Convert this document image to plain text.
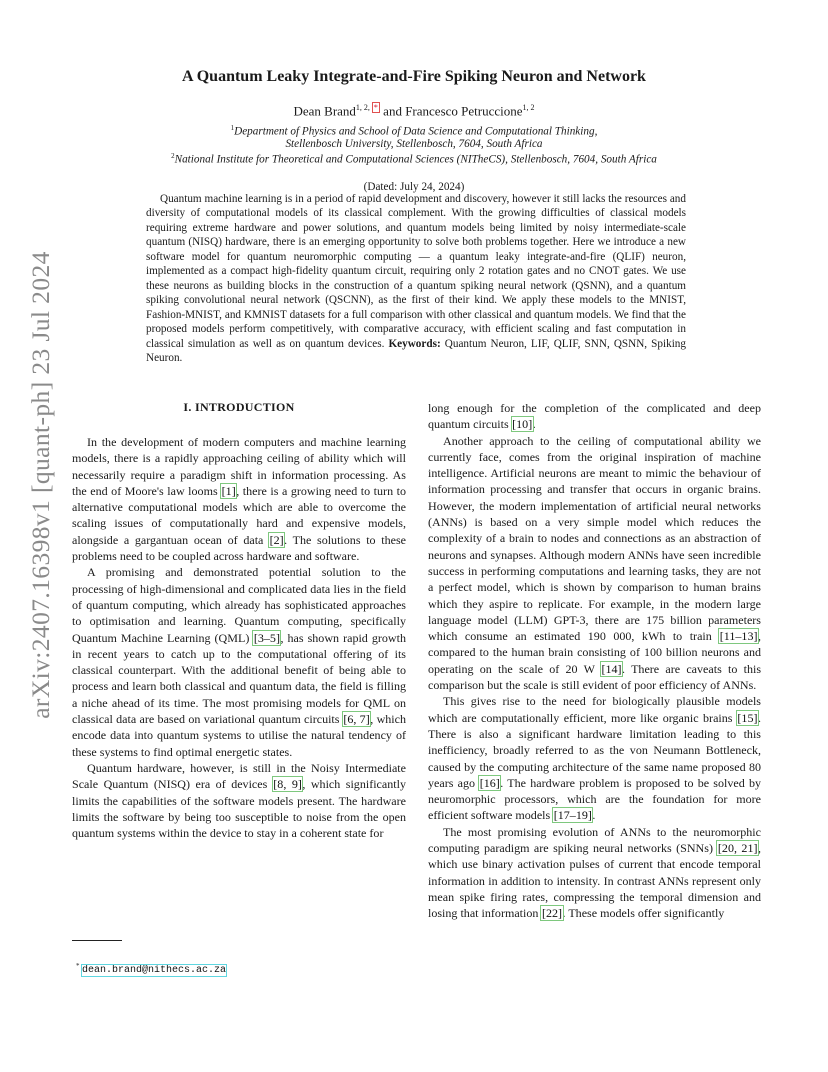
arXiv:2407.16398v1 [quant-ph] 23 Jul 2024
A Quantum Leaky Integrate-and-Fire Spiking Neuron and Network
Dean Brand$^{1, 2,}$ * and Francesco Petruccione$^{1, 2}$
$^1$Department of Physics and School of Data Science and Computational Thinking,
Stellenbosch University, Stellenbosch, 7604, South Africa
$^2$National Institute for Theoretical and Computational Sciences (NITheCS), Stellenbosch, 7604, South Africa
(Dated: July 24, 2024)
Quantum machine learning is in a period of rapid development and discovery, however it still lacks the resources and diversity of computational models of its classical complement. With the growing difficulties of classical models requiring extreme hardware and power solutions, and quantum models being limited by noisy intermediate-scale quantum (NISQ) hardware, there is an emerging opportunity to solve both problems together. Here we introduce a new software model for quantum neuromorphic computing — a quantum leaky integrate-and-fire (QLIF) neuron, implemented as a compact high-fidelity quantum circuit, requiring only 2 rotation gates and no CNOT gates. We use these neurons as building blocks in the construction of a quantum spiking neural network (QSNN), and a quantum spiking convolutional neural network (QSCNN), as the first of their kind. We apply these models to the MNIST, Fashion-MNIST, and KMNIST datasets for a full comparison with other classical and quantum models. We find that the proposed models perform competitively, with comparative accuracy, with efficient scaling and fast computation in classical simulation as well as on quantum devices. Keywords: Quantum Neuron, LIF, QLIF, SNN, QSNN, Spiking Neuron.
I. INTRODUCTION

In the development of modern computers and machine learning models, there is a rapidly approaching ceiling of ability which will necessarily require a paradigm shift in information processing. As the end of Moore's law looms [1], there is a growing need to turn to alternative computational models which are able to overcome the scaling issues of computationally hard and expensive models, alongside a gargantuan ocean of data [2]. The solutions to these problems need to be coupled across hardware and software.

A promising and demonstrated potential solution to the processing of high-dimensional and complicated data lies in the field of quantum computing, which already has sophisticated approaches to optimisation and learning. Quantum computing, specifically Quantum Machine Learning (QML) [3–5], has shown rapid growth in recent years to catch up to the computational offering of its classical counterpart. With the additional benefit of being able to process and learn both classical and quantum data, the field is filling a niche ahead of its time. The most promising models for QML on classical data are based on variational quantum circuits [6, 7], which encode data into quantum systems to utilise the natural tendency of these systems to find optimal energetic states.

Quantum hardware, however, is still in the Noisy Intermediate Scale Quantum (NISQ) era of devices [8, 9], which significantly limits the capabilities of the software models present. The hardware limits the software by being too susceptible to noise from the open quantum systems within the device to stay in a coherent state for

long enough for the completion of the complicated and deep quantum circuits [10].

Another approach to the ceiling of computational ability we currently face, comes from the original inspiration of machine intelligence. Artificial neurons are meant to mimic the behaviour of information processing and transfer that occurs in organic brains. However, the modern implementation of artificial neural networks (ANNs) is based on a very simple model which reduces the complexity of a brain to nodes and connections as an abstraction of neurons and synapses. Although modern ANNs have seen incredible success in performing computations and learning tasks, they are not a perfect model, which is shown by comparison to human brains which they aspire to replicate. For example, in the modern large language model (LLM) GPT-3, there are 175 billion parameters which consume an estimated 190 000, kWh to train [11–13], compared to the human brain consisting of 100 billion neurons and operating on the scale of 20 W [14]. There are caveats to this comparison but the scale is still evident of poor efficiency of ANNs.

This gives rise to the need for biologically plausible models which are computationally efficient, more like organic brains [15]. There is also a significant hardware limitation leading to this inefficiency, broadly referred to as the von Neumann Bottleneck, caused by the computing architecture of the same name proposed 80 years ago [16]. The hardware problem is proposed to be solved by neuromorphic processors, which are the foundation for more efficient software models [17–19].

The most promising evolution of ANNs to the neuromorphic computing paradigm are spiking neural networks (SNNs) [20, 21], which use binary activation pulses of current that encode temporal information in addition to intensity. In contrast ANNs represent only mean spike firing rates, compressing the temporal dimension and losing that information [22]. These models offer significantly

* dean.brand@nithecs.ac.za
